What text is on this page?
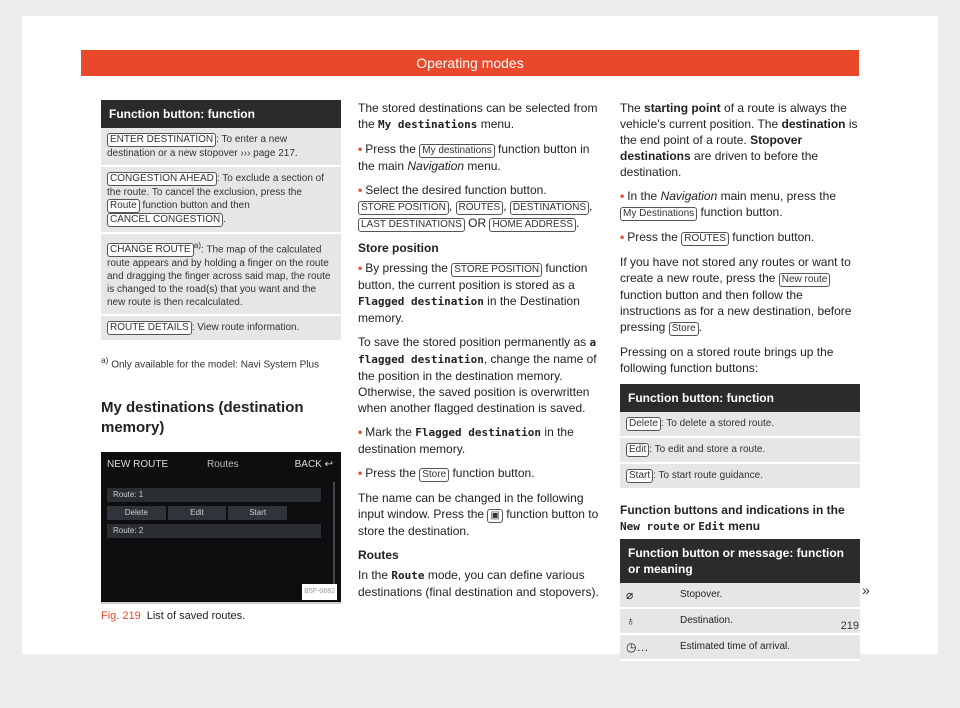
Operating modes
Function button: function
ENTER DESTINATION : To enter a new destination or a new stopover ››› page 217.
CONGESTION AHEAD : To exclude a section of the route. To cancel the exclusion, press the Route function button and then CANCEL CONGESTION .
CHANGE ROUTE $^{a)}$: The map of the calculated route appears and by holding a finger on the route and dragging the finger across said map, the route is changed to the road(s) that you want and the new route is then recalculated.
ROUTE DETAILS : View route information.
$^{a)}$ Only available for the model: Navi System Plus
My destinations (destination memory)
NEW ROUTE	Routes	BACK ↩
Route: 1
Delete	Edit	Start
Route: 2
B5F-0882
Fig. 219 List of saved routes.

The stored destinations can be selected from the My destinations menu.

• Press the My destinations function button in the main Navigation menu.

• Select the desired function button.
STORE POSITION , ROUTES , DESTINATIONS ,
LAST DESTINATIONS OR HOME ADDRESS .

Store position

• By pressing the STORE POSITION function button, the current position is stored as a Flagged destination in the Destination memory.

To save the stored position permanently as a flagged destination, change the name of the position in the destination memory. Otherwise, the saved position is overwritten when another flagged destination is saved.

• Mark the Flagged destination in the destination memory.

• Press the Store function button.

The name can be changed in the following input window. Press the ▣ function button to store the destination.

Routes

In the Route mode, you can define various destinations (final destination and stopovers).

The starting point of a route is always the vehicle's current position. The destination is the end point of a route. Stopover destinations are driven to before the destination.

• In the Navigation main menu, press the My Destinations function button.

• Press the ROUTES function button.

If you have not stored any routes or want to create a new route, press the New route function button and then follow the instructions as for a new destination, before pressing Store .

Pressing on a stored route brings up the following function buttons:

Function button: function
Delete : To delete a stored route.
Edit : To edit and store a route.
Start : To start route guidance.

Function buttons and indications in the New route or Edit menu

Function button or message: function or meaning
⌀	Stopover.
♁	Destination.
◷…	Estimated time of arrival.
»
219
